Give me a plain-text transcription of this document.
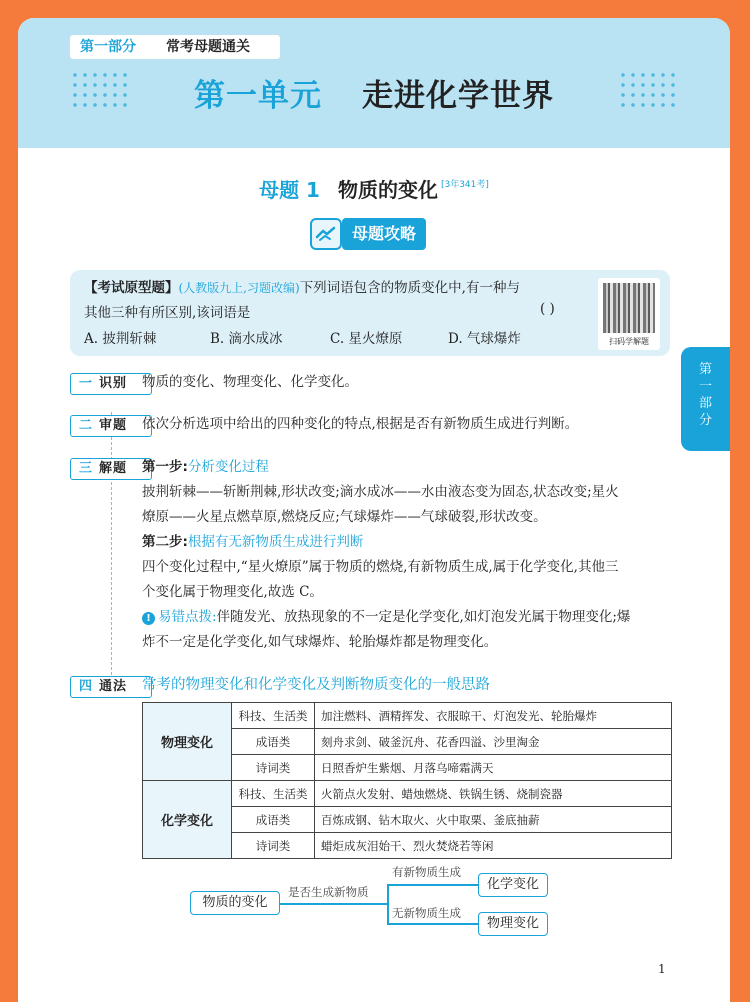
第一部分 常考母题通关
第一单元 走进化学世界
母题 1 物质的变化 [3年341考]
母题攻略
【考试原型题】(人教版九上,习题改编)下列词语包含的物质变化中,有一种与
其他三种有所区别,该词语是	( )
A. 披荆斩棘	B. 滴水成冰	C. 星火燎原	D. 气球爆炸	扫码学解题
第
一
部
分
一 识别 物质的变化、物理变化、化学变化。
二 审题 依次分析选项中给出的四种变化的特点,根据是否有新物质生成进行判断。
三 解题 第一步:分析变化过程
披荆斩棘——斩断荆棘,形状改变;滴水成冰——水由液态变为固态,状态改变;星火
燎原——火星点燃草原,燃烧反应;气球爆炸——气球破裂,形状改变。
第二步:根据有无新物质生成进行判断
四个变化过程中,“星火燎原”属于物质的燃烧,有新物质生成,属于化学变化,其他三
个变化属于物理变化,故选 C。
! 易错点拨:伴随发光、放热现象的不一定是化学变化,如灯泡发光属于物理变化;爆
炸不一定是化学变化,如气球爆炸、轮胎爆炸都是物理变化。
四 通法 常考的物理变化和化学变化及判断物质变化的一般思路
物理变化	科技、生活类	加注燃料、酒精挥发、衣服晾干、灯泡发光、轮胎爆炸
	成语类	刻舟求剑、破釜沉舟、花香四溢、沙里淘金
	诗词类	日照香炉生紫烟、月落乌啼霜满天
化学变化	科技、生活类	火箭点火发射、蜡烛燃烧、铁锅生锈、烧制瓷器
	成语类	百炼成钢、钻木取火、火中取栗、釜底抽薪
	诗词类	蜡炬成灰泪始干、烈火焚烧若等闲
物质的变化
是否生成新物质
有新物质生成
无新物质生成
化学变化
物理变化
1
